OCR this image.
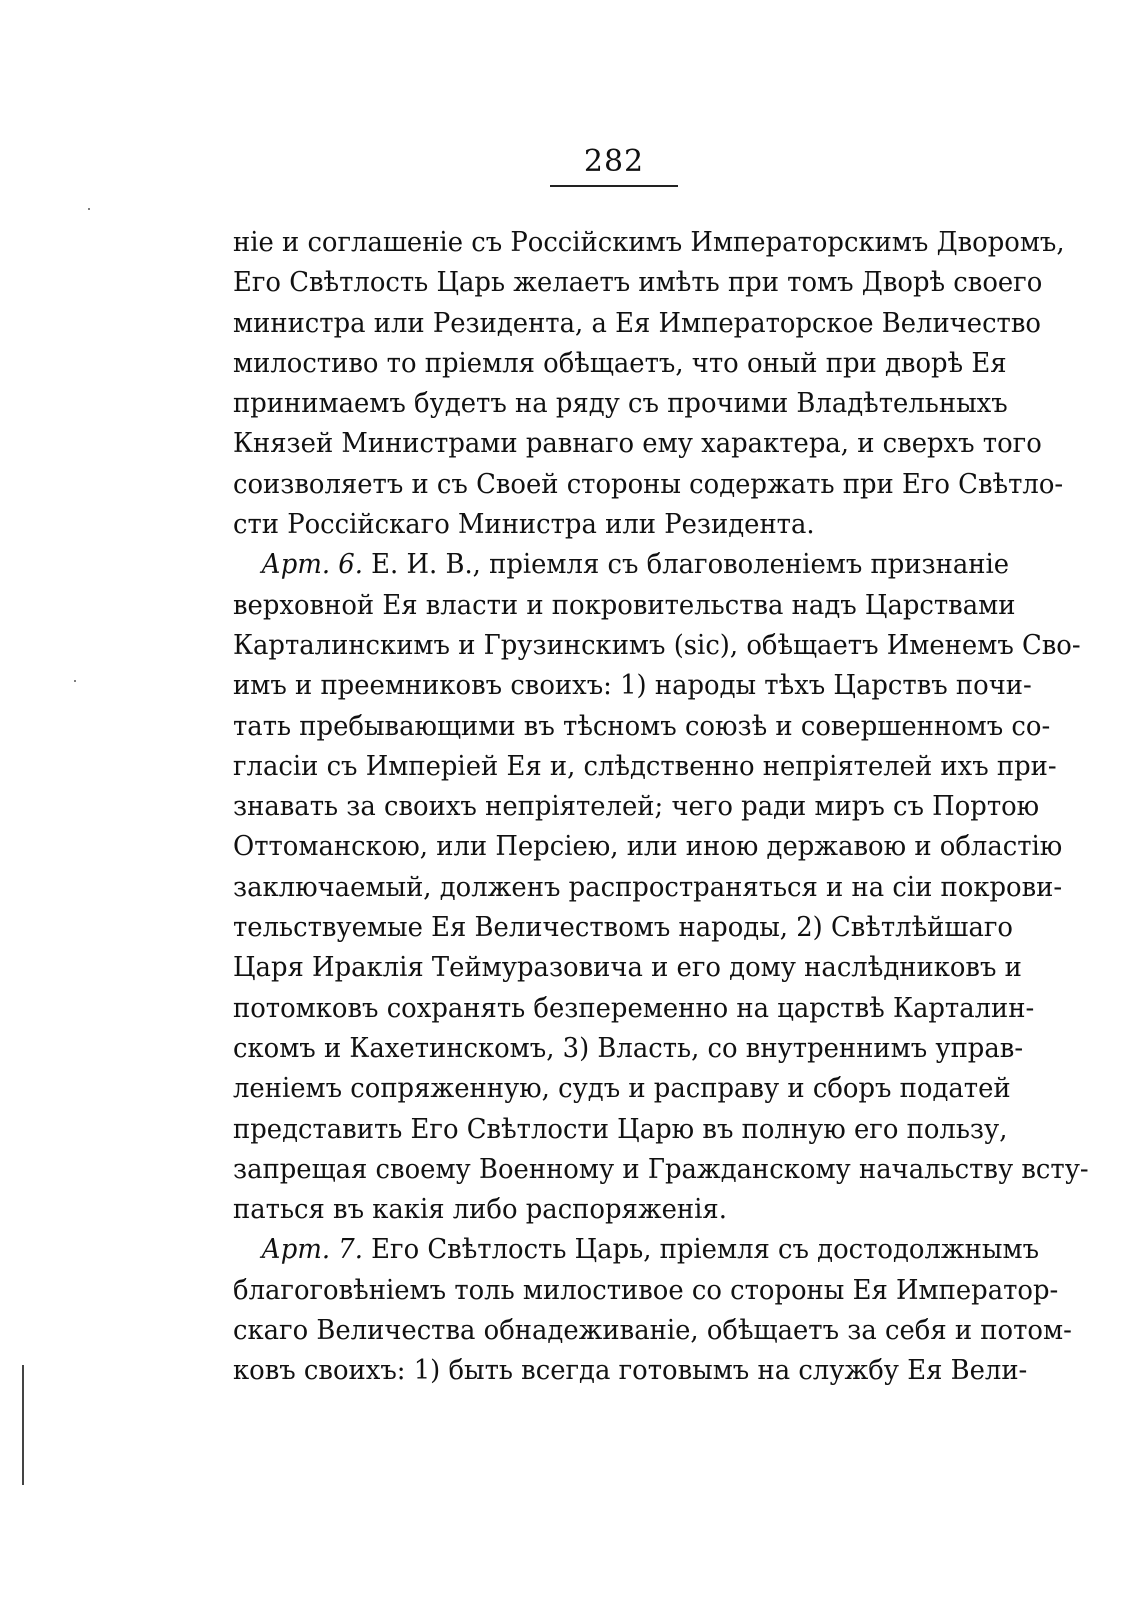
282
ніе и соглашеніе съ Россійскимъ Императорскимъ Дворомъ,
Его Свѣтлость Царь желаетъ имѣть при томъ Дворѣ своего
министра или Резидента, а Ея Императорское Величество
милостиво то пріемля обѣщаетъ, что оный при дворѣ Ея
принимаемъ будетъ на ряду съ прочими Владѣтельныхъ
Князей Министрами равнаго ему характера, и сверхъ того
соизволяетъ и съ Своей стороны содержать при Его Свѣтло-
сти Россійскаго Министра или Резидента.
Арт. 6. Е. И. В., пріемля съ благоволеніемъ признаніе
верховной Ея власти и покровительства надъ Царствами
Карталинскимъ и Грузинскимъ (sic), обѣщаетъ Именемъ Сво-
имъ и преемниковъ своихъ: 1) народы тѣхъ Царствъ почи-
тать пребывающими въ тѣсномъ союзѣ и совершенномъ со-
гласіи съ Имперіей Ея и, слѣдственно непріятелей ихъ при-
знавать за своихъ непріятелей; чего ради миръ съ Портою
Оттоманскою, или Персіею, или иною державою и областію
заключаемый, долженъ распространяться и на сіи покрови-
тельствуемые Ея Величествомъ народы, 2) Свѣтлѣйшаго
Царя Ираклія Теймуразовича и его дому наслѣдниковъ и
потомковъ сохранять безпеременно на царствѣ Карталин-
скомъ и Кахетинскомъ, 3) Власть, со внутреннимъ управ-
леніемъ сопряженную, судъ и расправу и сборъ податей
представить Его Свѣтлости Царю въ полную его пользу,
запрещая своему Военному и Гражданскому начальству всту-
паться въ какія либо распоряженія.
Арт. 7. Его Свѣтлость Царь, пріемля съ достодолжнымъ
благоговѣніемъ толь милостивое со стороны Ея Император-
скаго Величества обнадеживаніе, обѣщаетъ за себя и потом-
ковъ своихъ: 1) быть всегда готовымъ на службу Ея Вели-
